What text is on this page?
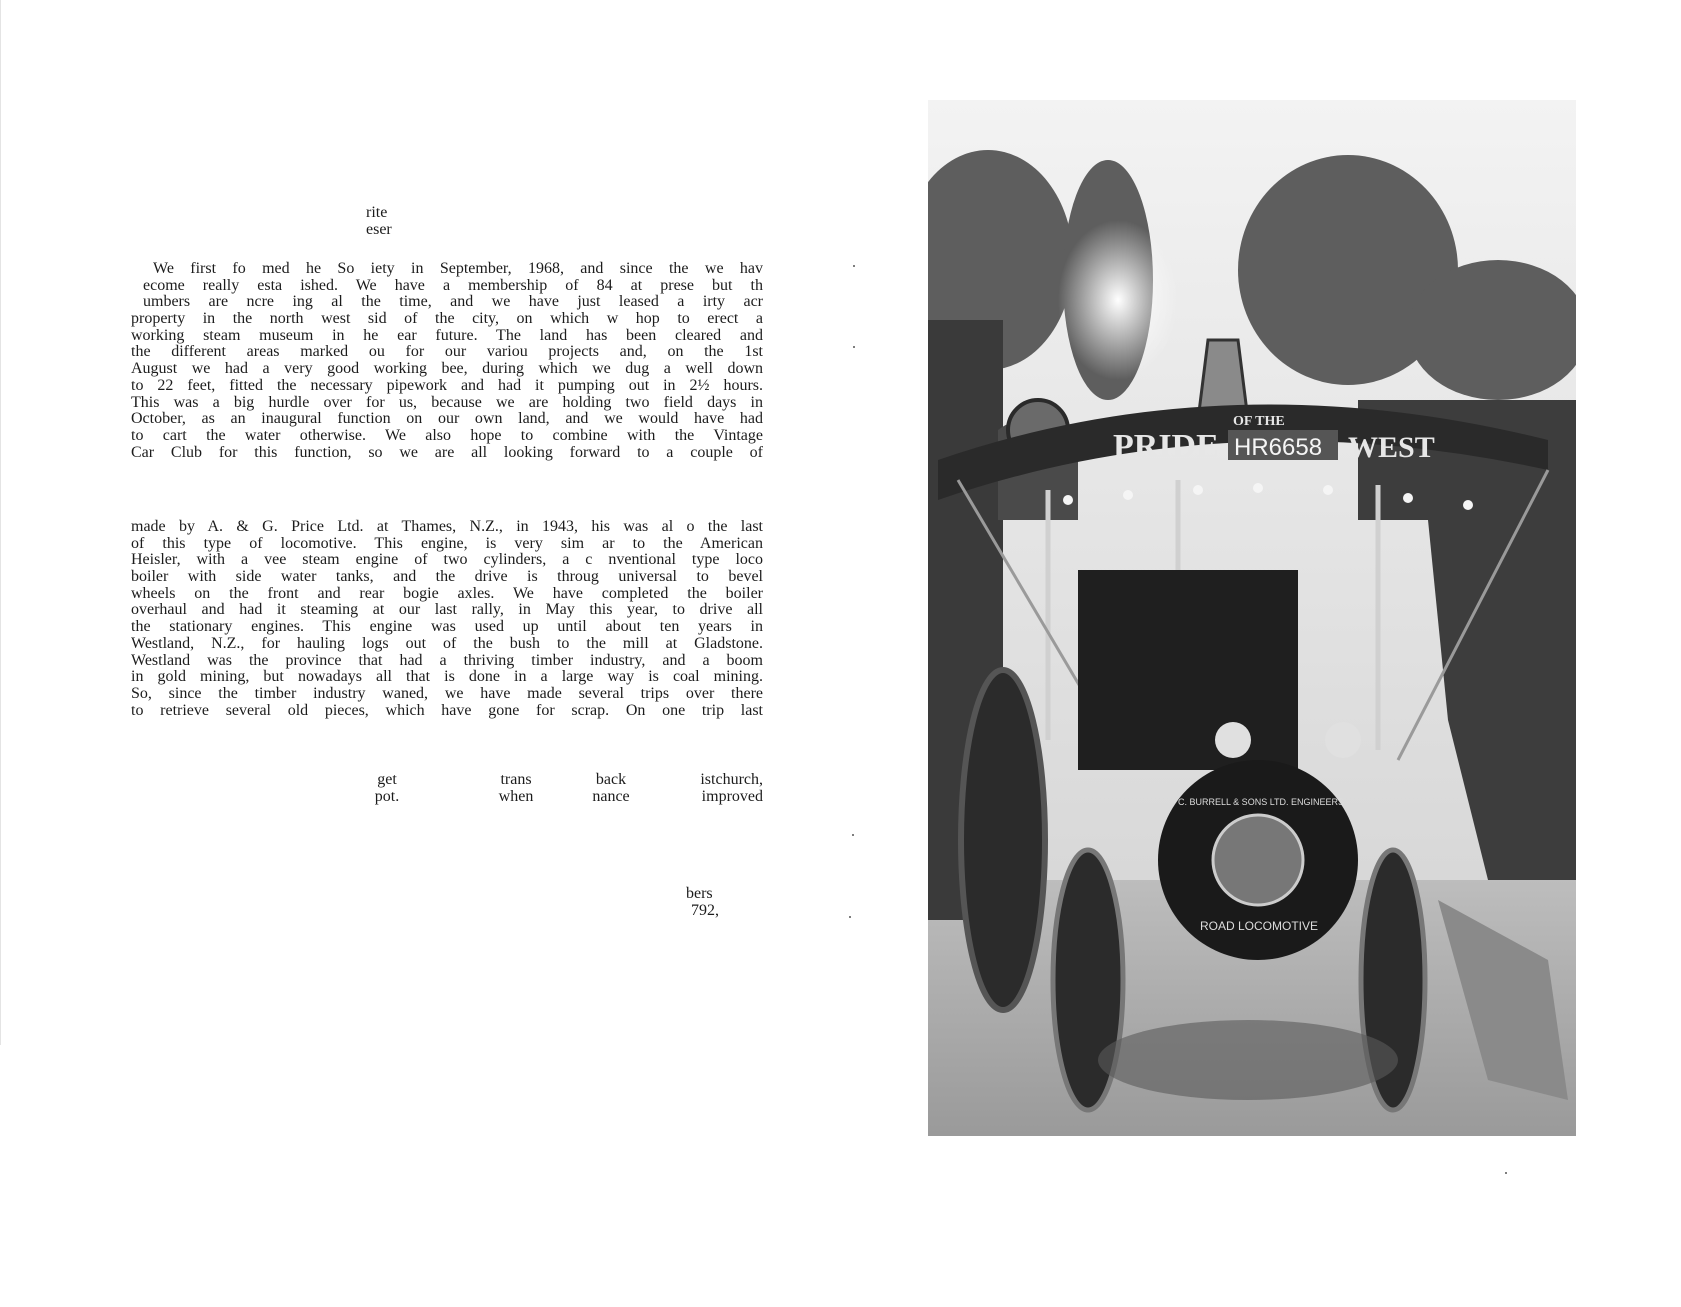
rite
eser
We first fo med he So iety in September, 1968, and since the we hav
ecome really esta ished. We have a membership of 84 at prese but th
umbers are ncre ing al the time, and we have just leased a irty acr
property in the north west sid of the city, on which w hop to erect a
working steam museum in he ear future. The land has been cleared and
the different areas marked ou for our variou projects and, on the 1st
August we had a very good working bee, during which we dug a well down
to 22 feet, fitted the necessary pipework and had it pumping out in 2½ hours.
This was a big hurdle over for us, because we are holding two field days in
October, as an inaugural function on our own land, and we would have had
to cart the water otherwise. We also hope to combine with the Vintage
Car Club for this function, so we are all looking forward to a couple of
made by A. & G. Price Ltd. at Thames, N.Z., in 1943, his was al o the last
of this type of locomotive. This engine, is very sim ar to the American
Heisler, with a vee steam engine of two cylinders, a c nventional type loco
boiler with side water tanks, and the drive is throug universal to bevel
wheels on the front and rear bogie axles. We have completed the boiler
overhaul and had it steaming at our last rally, in May this year, to drive all
the stationary engines. This engine was used up until about ten years in
Westland, N.Z., for hauling logs out of the bush to the mill at Gladstone.
Westland was the province that had a thriving timber industry, and a boom
in gold mining, but nowadays all that is done in a large way is coal mining.
So, since the timber industry waned, we have made several trips over there
to retrieve several old pieces, which have gone for scrap. On one trip last
get
pot.
trans
when
back
nance
istchurch,
improved
bers
792,
PRIDE
OF THE
HR6658 WEST
C. BURRELL & SONS LTD. ENGINEERS
ROAD LOCOMOTIVE
